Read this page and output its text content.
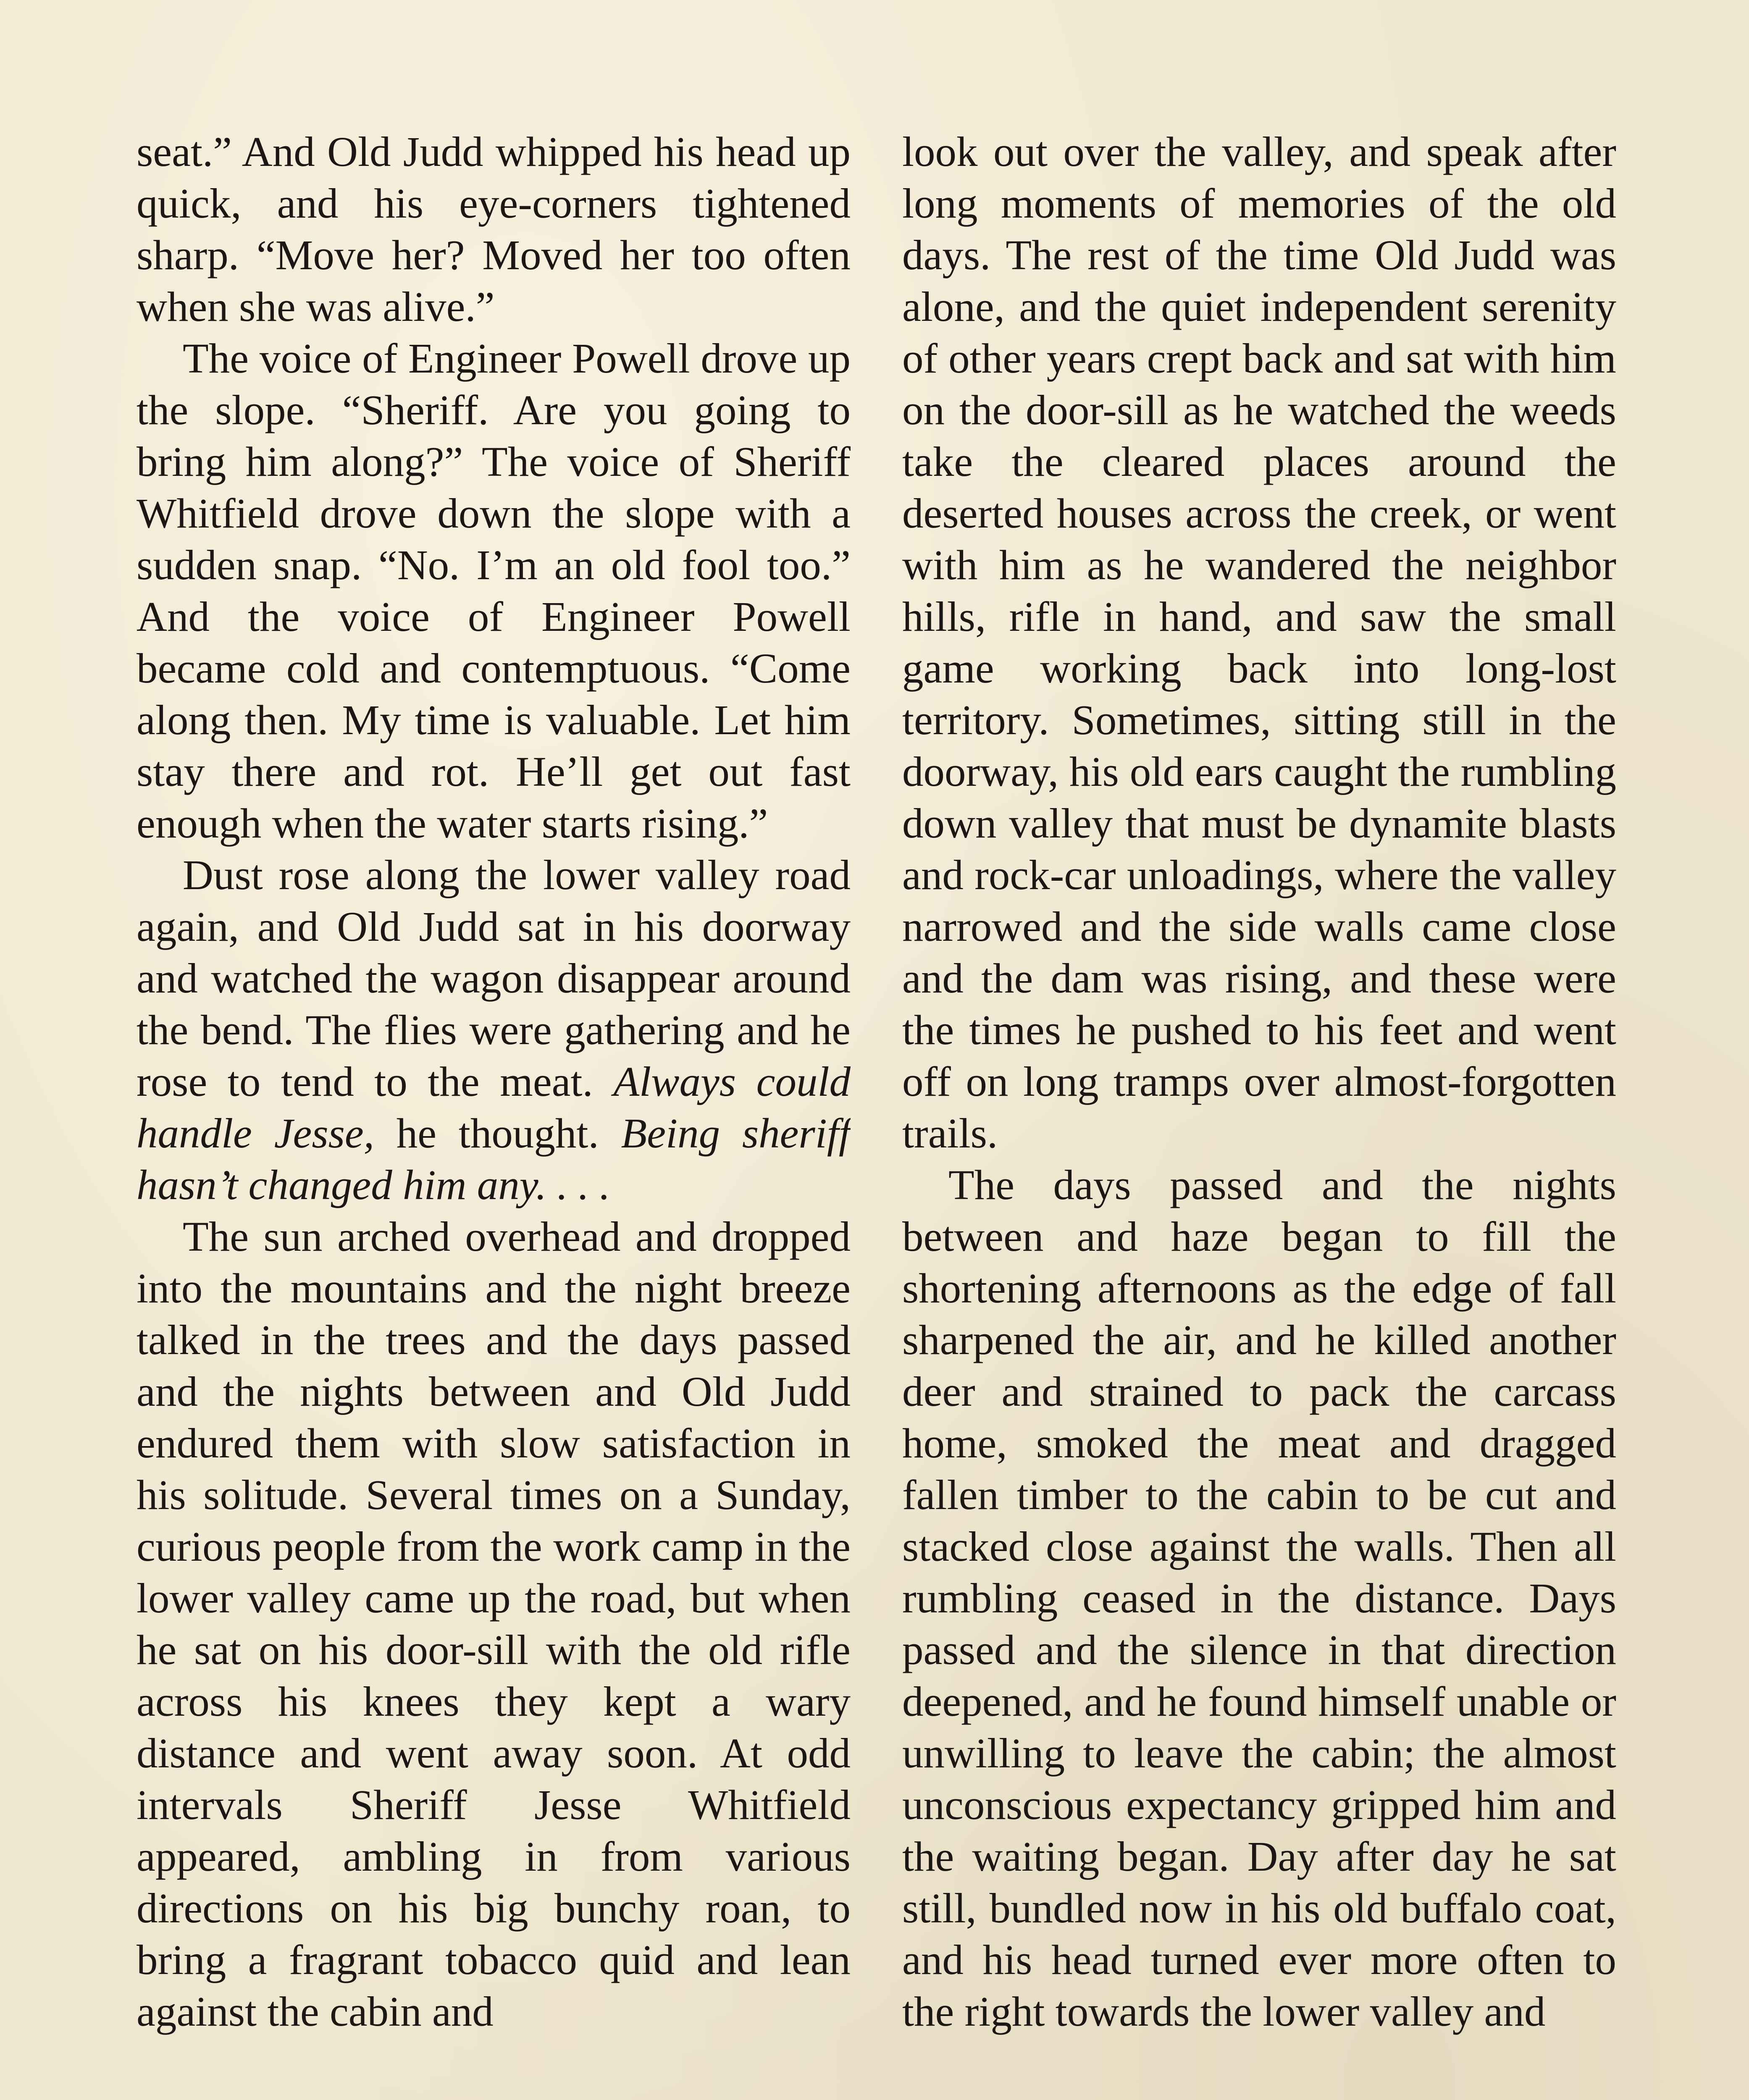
seat.” And Old Judd whipped his head up quick, and his eye-corners tightened sharp. “Move her? Moved her too often when she was alive.”

The voice of Engineer Powell drove up the slope. “Sheriff. Are you going to bring him along?” The voice of Sheriff Whitfield drove down the slope with a sudden snap. “No. I’m an old fool too.” And the voice of Engineer Powell became cold and contemptuous. “Come along then. My time is valuable. Let him stay there and rot. He’ll get out fast enough when the water starts rising.”

Dust rose along the lower valley road again, and Old Judd sat in his doorway and watched the wagon disappear around the bend. The flies were gathering and he rose to tend to the meat. Always could handle Jesse, he thought. Being sheriff hasn’t changed him any. . . .

The sun arched overhead and dropped into the mountains and the night breeze talked in the trees and the days passed and the nights between and Old Judd endured them with slow satisfaction in his solitude. Several times on a Sunday, curious people from the work camp in the lower valley came up the road, but when he sat on his door-sill with the old rifle across his knees they kept a wary distance and went away soon. At odd intervals Sheriff Jesse Whitfield appeared, ambling in from various directions on his big bunchy roan, to bring a fragrant tobacco quid and lean against the cabin and

look out over the valley, and speak after long moments of memories of the old days. The rest of the time Old Judd was alone, and the quiet independent serenity of other years crept back and sat with him on the door-sill as he watched the weeds take the cleared places around the deserted houses across the creek, or went with him as he wandered the neighbor hills, rifle in hand, and saw the small game working back into long-lost territory. Sometimes, sitting still in the doorway, his old ears caught the rumbling down valley that must be dynamite blasts and rock-car unloadings, where the valley narrowed and the side walls came close and the dam was rising, and these were the times he pushed to his feet and went off on long tramps over almost-forgotten trails.

The days passed and the nights between and haze began to fill the shortening afternoons as the edge of fall sharpened the air, and he killed another deer and strained to pack the carcass home, smoked the meat and dragged fallen timber to the cabin to be cut and stacked close against the walls. Then all rumbling ceased in the distance. Days passed and the silence in that direction deepened, and he found himself unable or unwilling to leave the cabin; the almost unconscious expectancy gripped him and the waiting began. Day after day he sat still, bundled now in his old buffalo coat, and his head turned ever more often to the right towards the lower valley and
